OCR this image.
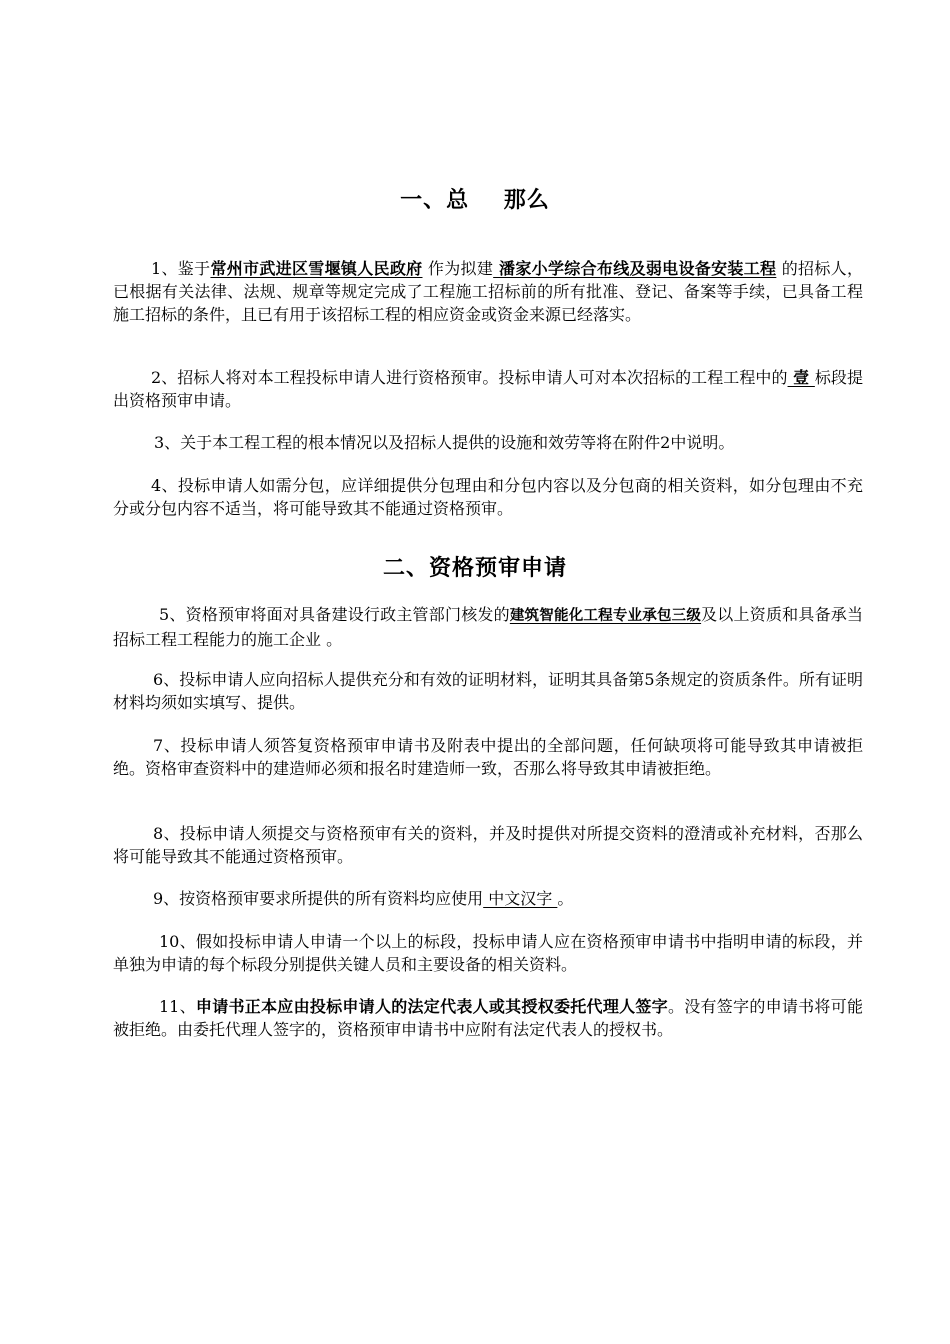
一、总    那么
1、鉴于常州市武进区雪堰镇人民政府 作为拟建 潘家小学综合布线及弱电设备安装工程 的招标人，已根据有关法律、法规、规章等规定完成了工程施工招标前的所有批准、登记、备案等手续，已具备工程施工招标的条件，且已有用于该招标工程的相应资金或资金来源已经落实。
2、招标人将对本工程投标申请人进行资格预审。投标申请人可对本次招标的工程工程中的 壹 标段提出资格预审申请。
3、关于本工程工程的根本情况以及招标人提供的设施和效劳等将在附件2中说明。
4、投标申请人如需分包，应详细提供分包理由和分包内容以及分包商的相关资料，如分包理由不充分或分包内容不适当，将可能导致其不能通过资格预审。
二、资格预审申请
5、资格预审将面对具备建设行政主管部门核发的建筑智能化工程专业承包三级及以上资质和具备承当招标工程工程能力的施工企业 。
6、投标申请人应向招标人提供充分和有效的证明材料，证明其具备第5条规定的资质条件。所有证明材料均须如实填写、提供。
7、投标申请人须答复资格预审申请书及附表中提出的全部问题，任何缺项将可能导致其申请被拒绝。资格审查资料中的建造师必须和报名时建造师一致，否那么将导致其申请被拒绝。
8、投标申请人须提交与资格预审有关的资料，并及时提供对所提交资料的澄清或补充材料，否那么将可能导致其不能通过资格预审。
9、按资格预审要求所提供的所有资料均应使用 中文汉字 。
10、假如投标申请人申请一个以上的标段，投标申请人应在资格预审申请书中指明申请的标段，并单独为申请的每个标段分别提供关键人员和主要设备的相关资料。
11、申请书正本应由投标申请人的法定代表人或其授权委托代理人签字。没有签字的申请书将可能被拒绝。由委托代理人签字的，资格预审申请书中应附有法定代表人的授权书。
